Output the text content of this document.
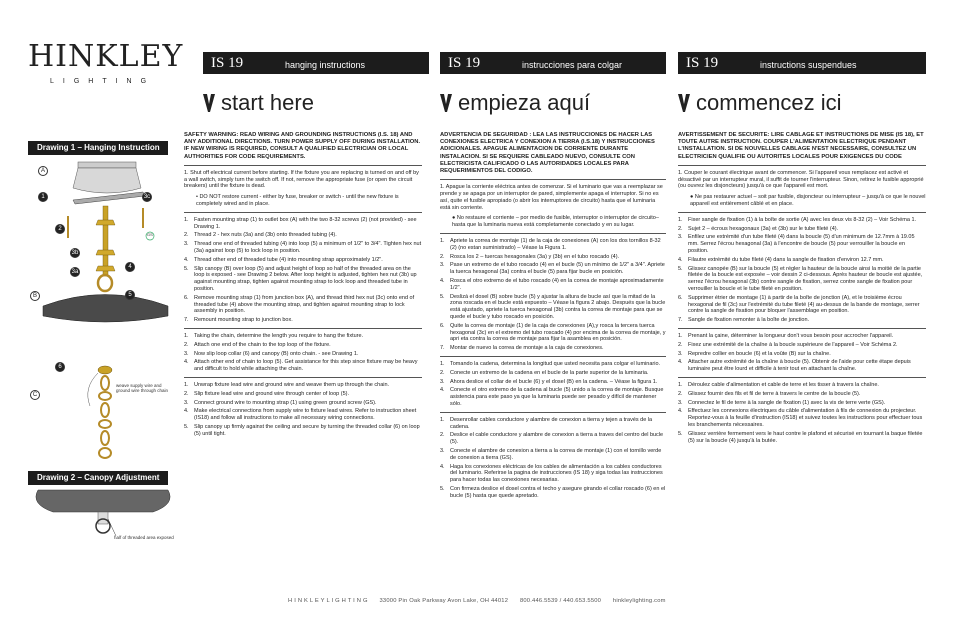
HINKLEY
LIGHTING
IS 19	hanging instructions	IS 19	instrucciones para colgar	IS 19	instructions suspendues
start here	empieza aquí	commencez ici
Drawing 1 – Hanging Instruction
Drawing 2 – Canopy Adjustment
A
1	3c
2
3b
3a
4
5
B
6
C
GS
weave supply wire and ground wire through chain
half of threaded area exposed
SAFETY WARNING: READ WIRING AND GROUNDING INSTRUCTIONS (I.S. 18) AND ANY ADDITIONAL DIRECTIONS. TURN POWER SUPPLY OFF DURING INSTALLATION. IF NEW WIRING IS REQUIRED, CONSULT A QUALIFIED ELECTRICIAN OR LOCAL AUTHORITIES FOR CODE REQUIREMENTS.
1. Shut off electrical current before starting. If the fixture you are replacing is turned on and off by a wall switch, simply turn the switch off. If not, remove the appropriate fuse (or open the circuit breakers) until the fixture is dead.
• DO NOT restore current - either by fuse, breaker or switch - until the new fixture is completely wired and in place.
1. Fasten mounting strap (1) to outlet box (A) with the two 8-32 screws (2) (not provided) - see Drawing 1.
2. Thread 2 - hex nuts (3a) and (3b) onto threaded tubing (4).
3. Thread one end of threaded tubing (4) into loop (5) a minimum of 1/2" to 3/4". Tighten hex nut (3a) against loop (5) to lock loop in position.
4. Thread other end of threaded tube (4) into mounting strap approximately 1/2".
5. Slip canopy (B) over loop (5) and adjust height of loop so half of the threaded area on the loop is exposed - see Drawing 2 below. After loop height is adjusted, tighten hex nut (3b) up against mounting strap, tighten against mounting strap to lock loop and threaded tube in position.
6. Remove mounting strap (1) from junction box (A), and thread third hex nut (3c) onto end of threaded tube (4) above the mounting strap, and tighten against mounting strap to lock assembly in position.
7. Remount mounting strap to junction box.
1. Taking the chain, determine the length you require to hang the fixture.
2. Attach one end of the chain to the top loop of the fixture.
3. Now slip loop collar (6) and canopy (B) onto chain. - see Drawing 1.
4. Attach other end of chain to loop (5). Get assistance for this step since fixture may be heavy and difficult to hold while attaching the chain.
1. Unwrap fixture lead wire and ground wire and weave them up through the chain.
2. Slip fixture lead wire and ground wire through center of loop (5).
3. Connect ground wire to mounting strap (1) using green ground screw (GS).
4. Make electrical connections from supply wire to fixture lead wires. Refer to instruction sheet (IS18) and follow all instructions to make all necessary wiring connections.
5. Slip canopy up firmly against the ceiling and secure by turning the threaded collar (6) on loop (5) until tight.
ADVERTENCIA DE SEGURIDAD : LEA LAS INSTRUCCIONES DE HACER LAS CONEXIONES ELECTRICA Y CONEXION A TIERRA (I.S.18) Y INSTRUCCIONES ADICIONALES. APAGUE ALIMENTACION DE CORRIENTE DURANTE INSTALACION. SI SE REQUIERE CABLEADO NUEVO, CONSULTE CON ELECTRICISTA CALIFICADO O LAS AUTORIDADES LOCALES PARA REQUERIMIENTOS DEL CODIGO.
1. Apague la corriente eléctrica antes de comenzar. Si el luminario que vas a reemplazar se prende y se apaga por un interruptor de pared, simplemente apaga el interruptor. Si no es así, quite el fusible apropiado (o abrir los interruptores de circuito) hasta que el luminaria está sin corriente.
● No restaure el corriente – por medio de fusible, interruptor o interruptor de circuito– hasta que la luminaria nueva está completamente conectado y en su lugar.
1. Apriete la correa de montaje (1) de la caja de conexiones (A) con los dos tornillos 8-32 (2) (no estan suministrado) – Véase la Figura 1.
2. Rosca los 2 – tuercas hexagonales (3a) y (3b) en el tubo roscado (4).
3. Pase un extremo de el tubo roscado (4) en el bucle (5) un mínimo de 1/2" a 3/4". Apriete la tuerca hexagonal (3a) contra el bucle (5) para fijar bucle en posición.
4. Rosca el otro extremo de el tubo roscado (4) en la correa de montaje aproximadamente 1/2".
5. Deslizá el dosel (B) sobre bucle (5) y ajustar la altura de bucle así que la mitad de la zona roscada en el bucle está expuesto – Véase la figura 2 abajo. Después que la bucle está ajustado, apriete la tuerca hexagonal (3b) contra la correa de montaje para que se quede el bucle y tubo roscado en posición.
6. Quite la correa de montaje (1) de la caja de conexiones (A),y rosca la tercera tuerca hexagonal (3c) en el extremo del tubo roscado (4) por encima de la correa de montaje, y apri eta contra la correa de montaje para fijar la asamblea en posición.
7. Montar de nuevo la correa de montaje a la caja de conexiones.
1. Tomando la cadena, determina la longitud que usted necesita para colgar el luminario.
2. Conecte un extremo de la cadena en el bucle de la parte superior de la luminaria.
3. Ahora deslice el collar de el bucle (6) y el dosel (B) en la cadena. – Véase la figura 1.
4. Conecte el otro extremo de la cadena al bucle (5) unido a la correa de montaje. Busque asistencia para este paso ya que la luminaria puede ser pesado y difícil de mantener sólo.
1. Desenrollar cables conductore y alambre de conexion a tierra y tejen a través de la cadena.
2. Deslice el cable conductore y alambre de conexion a tierra a traves del centro del bucle (5).
3. Conecte el alambre de conexion a tierra a la correa de montaje (1) con el tornillo verde de conexion a tierra (GS).
4. Haga los conexiones eléctricas de los cables de alimentación a los cables conductores del luminario. Referirse la pagina de instrucciones (IS 18) y siga todas las instrucciones para hacer todas las conexiones necesarias.
5. Con firmeza deslice el dosel contra el techo y asegure girando el collar roscado (6) en el bucle (5) hasta que quede apretado.
AVERTISSEMENT DE SECURITE: LIRE CABLAGE ET INSTRUCTIONS DE MISE (IS 18), ET TOUTE AUTRE INSTRUCTION. COUPER L'ALIMENTATION ELECTRIQUE PENDANT L'INSTALLATION. SI DE NOUVELLES CABLAGE N'EST NECESSAIRE, CONSULTEZ UN ELECTRICIEN QUALIFIE OU AUTORITES LOCALES POUR EXIGENCES DU CODE
1. Couper le courant électrique avant de commencer. Si l'appareil vous remplacez est activé et désactivé par un interrupteur mural, il suffit de tourner l'interrupteur. Sinon, retirez le fusible approprié (ou ouvrez les disjoncteurs) jusqu'à ce que l'appareil est mort.
● Ne pas restaurer actuel – soit par fusible, disjoncteur ou interrupteur – jusqu'à ce que le nouvel appareil est entièrement câblé et en place.
1. Fixer sangle de fixation (1) à la boîte de sortie (A) avec les deux vis 8-32 (2) – Voir Schéma 1.
2. Sujet 2 – écrous hexagonaux (3a) et (3b) sur le tube fileté (4).
3. Enfilez une extrémité d'un tube fileté (4) dans la boucle (5) d'un minimum de 12.7mm à 19.05 mm. Serrez l'écrou hexagonal (3a) à l'encontre de boucle (5) pour verrouiller la boucle en position.
4. Filautre extrémité du tube fileté (4) dans la sangle de fixation d'environ 12.7 mm.
5. Glissez canopée (B) sur la boucle (5) et régler la hauteur de la boucle ainsi la moitié de la partie filetée de la boucle est exposée – voir dessin 2 ci-dessous. Après hauteur de boucle est ajustée, serrez l'écrou hexagonal (3b) contre sangle de fixation, serrez contre sangle de fixation pour verrouiller la boucle et le tube fileté en position.
6. Supprimer étrier de montage (1) à partir de la boîte de jonction (A), et le troisième écrou hexagonal de fil (3c) sur l'extrémité du tube fileté (4) au-dessus de la bande de montage, serrer contre la sangle de fixation pour bloquer l'assemblage en position.
7. Sangle de fixation remonter à la boîte de jonction.
1. Prenant la çaine, déterminer la longueur don't vous besoin pour accrocher l'appareil.
2. Fixez une extrémité de la chaîne à la boucle supérieure de l'appareil – Voir Schéma 2.
3. Repredre collier en boucle (6) et la voûte (B) sur la chaîne.
4. Attacher autre extrémité de la chaîne à boucle (5). Obtenir de l'aide pour cette étape depuis luminaire peut être lourd et difficile à tenir tout en attachant la chaîne.
1. Déroulez cable d'alimentation et cable de terre et les tisser à travers la chaîne.
2. Glissez fournir des fils et fil de terre à travers le centre de la boucle (5).
3. Connectez le fil de terre à la sangle de fixation (1) avec la vis de terre verte (GS).
4. Effectuez les connexions électriques du câble d'alimentation à fils de connexion du projecteur. Reportez-vous à la feuille d'instruction (IS18) et suivez toutes les instructions pour effectuer tous les branchements nécessaires.
5. Glissez verrière fermement vers le haut contre le plafond et sécurisé en tournant la baque filetée (5) sur la boucle (4) jusqu'à la butée.
H I N K L E Y L I G H T I N G 33000 Pin Oak Parkway Avon Lake, OH 44012 800.446.5539 / 440.653.5500 hinkleylighting.com
